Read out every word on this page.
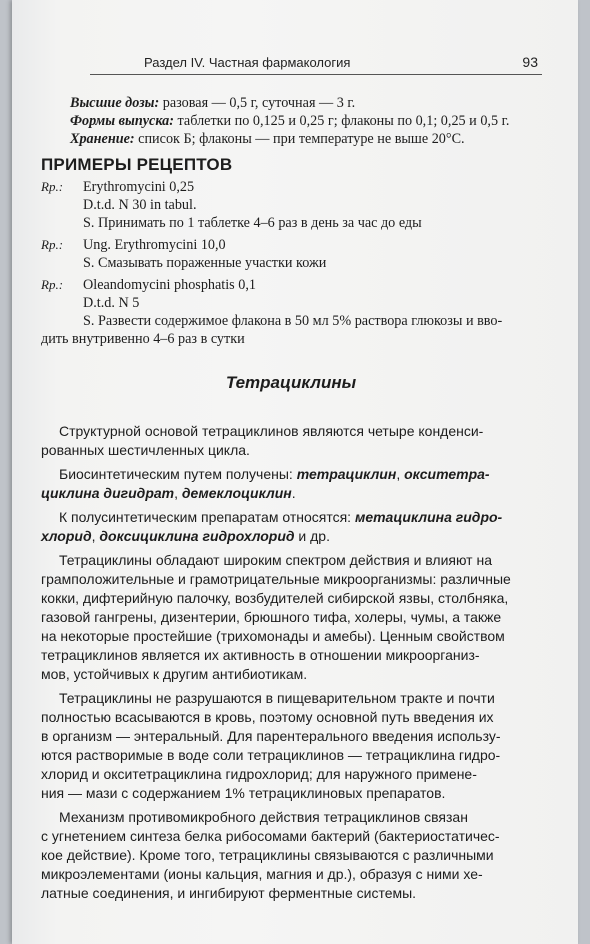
Раздел IV. Частная фармакология	93

Высшие дозы: разовая — 0,5 г, суточная — 3 г.

Формы выпуска: таблетки по 0,125 и 0,25 г; флаконы по 0,1; 0,25 и 0,5 г.

Хранение: список Б; флаконы — при температуре не выше 20°С.

ПРИМЕРЫ РЕЦЕПТОВ
Rp.: Erythromycini 0,25

D.t.d. N 30 in tabul.

S. Принимать по 1 таблетке 4–6 раз в день за час до еды

Rp.: Ung. Erythromycini 10,0

S. Смазывать пораженные участки кожи

Rp.: Oleandomycini phosphatis 0,1

D.t.d. N 5

S. Развести содержимое флакона в 50 мл 5% раствора глюкозы и вво-

дить внутривенно 4–6 раз в сутки

Тетрациклины

Структурной основой тетрациклинов являются четыре конденси-

рованных шестичленных цикла.

Биосинтетическим путем получены: тетрациклин, окситетра-

циклина дигидрат, демеклоциклин.

К полусинтетическим препаратам относятся: метациклина гидро-

хлорид, доксициклина гидрохлорид и др.

Тетрациклины обладают широким спектром действия и влияют на

грамположительные и грамотрицательные микроорганизмы: различные

кокки, дифтерийную палочку, возбудителей сибирской язвы, столбняка,

газовой гангрены, дизентерии, брюшного тифа, холеры, чумы, а также

на некоторые простейшие (трихомонады и амебы). Ценным свойством

тетрациклинов является их активность в отношении микроорганиз-

мов, устойчивых к другим антибиотикам.

Тетрациклины не разрушаются в пищеварительном тракте и почти

полностью всасываются в кровь, поэтому основной путь введения их

в организм — энтеральный. Для парентерального введения использу-

ются растворимые в воде соли тетрациклинов — тетрациклина гидро-

хлорид и окситетрациклина гидрохлорид; для наружного примене-

ния — мази с содержанием 1% тетрациклиновых препаратов.

Механизм противомикробного действия тетрациклинов связан

с угнетением синтеза белка рибосомами бактерий (бактериостатичес-

кое действие). Кроме того, тетрациклины связываются с различными

микроэлементами (ионы кальция, магния и др.), образуя с ними хе-

латные соединения, и ингибируют ферментные системы.
